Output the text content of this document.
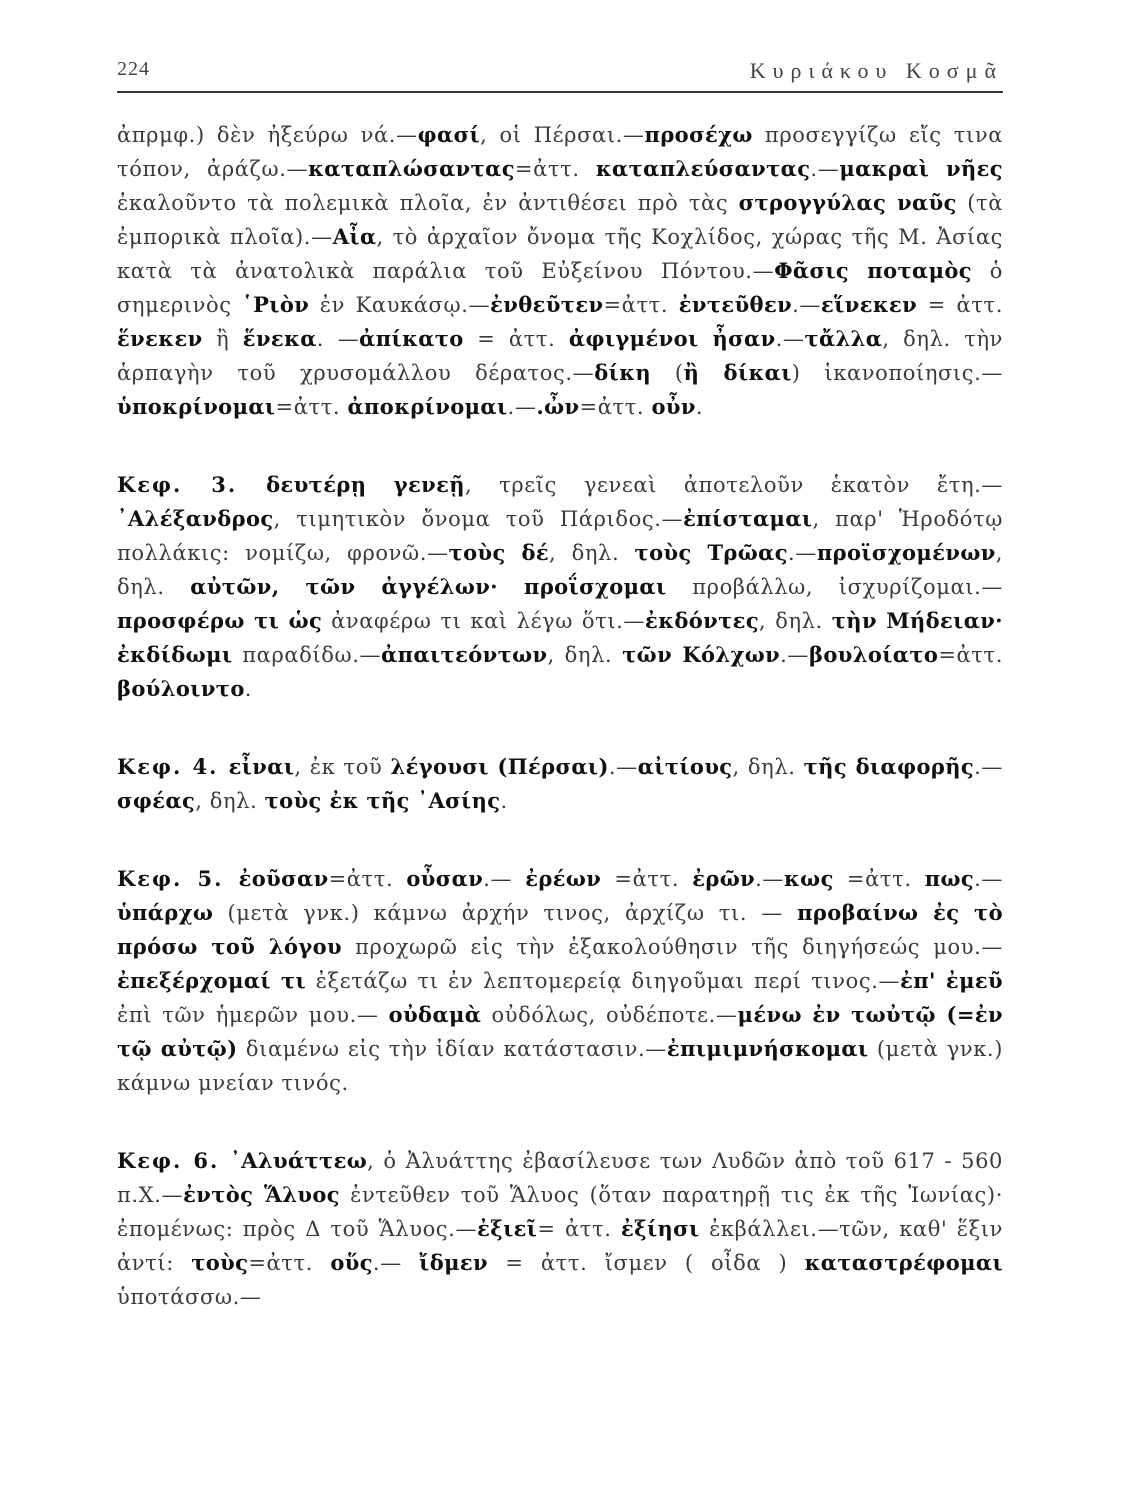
224	Κυριάκου Κοσμᾶ

ἀπρμφ.) δὲν ἠξεύρω νά.—φασί, οἱ Πέρσαι.—προσέχω προσεγγίζω εἴς τινα τόπον, ἀράζω.—καταπλώσαντας=ἀττ. καταπλεύσαντας.—μακραὶ νῆες ἐκαλοῦντο τὰ πολεμικὰ πλοῖα, ἐν ἀντιθέσει πρὸ τὰς στρογγύλας ναῦς (τὰ ἐμπορικὰ πλοῖα).—Αἶα, τὸ ἀρχαῖον ὄνομα τῆς Κοχλίδος, χώρας τῆς Μ. Ἀσίας κατὰ τὰ ἀνατολικὰ παράλια τοῦ Εὐξείνου Πόντου.—Φᾶσις ποταμὸς ὁ σημερινὸς ῾Ριὸν ἐν Καυκάσῳ.—ἐνθεῦτεν=ἀττ. ἐντεῦθεν.—εἵνεκεν = ἀττ. ἕνεκεν ἢ ἕνεκα. —ἀπίκατο = ἀττ. ἀφιγμένοι ἦσαν.—τἄλλα, δηλ. τὴν ἁρπαγὴν τοῦ χρυσομάλλου δέρατος.—δίκη (ἢ δίκαι) ἱκανοποίησις.—ὑποκρίνομαι=ἀττ. ἀποκρίνομαι.—.ὦν=ἀττ. οὖν.

Κεφ. 3. δευτέρῃ γενεῇ, τρεῖς γενεαὶ ἀποτελοῦν ἑκατὸν ἔτη.—᾿Αλέξανδρος, τιμητικὸν ὄνομα τοῦ Πάριδος.—ἐπίσταμαι, παρ' Ἡροδότῳ πολλάκις: νομίζω, φρονῶ.—τοὺς δέ, δηλ. τοὺς Τρῶας.—προϊσχομένων, δηλ. αὐτῶν, τῶν ἀγγέλων· προΐσχομαι προβάλλω, ἰσχυρίζομαι.—προσφέρω τι ὡς ἀναφέρω τι καὶ λέγω ὅτι.—ἐκδόντες, δηλ. τὴν Μήδειαν· ἐκδίδωμι παραδίδω.—ἀπαιτεόντων, δηλ. τῶν Κόλχων.—βουλοίατο=ἀττ. βούλοιντο.

Κεφ. 4. εἶναι, ἐκ τοῦ λέγουσι (Πέρσαι).—αἰτίους, δηλ. τῆς διαφορῆς.—σφέας, δηλ. τοὺς ἐκ τῆς ᾿Ασίης.

Κεφ. 5. ἐοῦσαν=ἀττ. οὖσαν.— ἐρέων =ἀττ. ἐρῶν.—κως =ἀττ. πως.—ὑπάρχω (μετὰ γνκ.) κάμνω ἀρχήν τινος, ἀρχίζω τι. — προβαίνω ἐς τὸ πρόσω τοῦ λόγου προχωρῶ εἰς τὴν ἐξακολούθησιν τῆς διηγήσεώς μου.—ἐπεξέρχομαί τι ἐξετάζω τι ἐν λεπτομερείᾳ διηγοῦμαι περί τινος.—ἐπ' ἐμεῦ ἐπὶ τῶν ἡμερῶν μου.— οὐδαμὰ οὐδόλως, οὐδέποτε.—μένω ἐν τωὐτῷ (=ἐν τῷ αὐτῷ) διαμένω εἰς τὴν ἰδίαν κατάστασιν.—ἐπιμιμνήσκομαι (μετὰ γνκ.) κάμνω μνείαν τινός.

Κεφ. 6. ᾿Αλυάττεω, ὁ Ἀλυάττης ἐβασίλευσε των Λυδῶν ἀπὸ τοῦ 617 - 560 π.Χ.—ἐντὸς Ἅλυος ἐντεῦθεν τοῦ Ἅλυος (ὅταν παρατηρῇ τις ἐκ τῆς Ἰωνίας)· ἐπομένως: πρὸς Δ τοῦ Ἅλυος.—ἐξιεῖ= ἀττ. ἐξίησι ἐκβάλλει.—τῶν, καθ' ἕξιν ἀντί: τοὺς=ἀττ. οὕς.— ἴδμεν = ἀττ. ἴσμεν ( οἶδα ) καταστρέφομαι ὑποτάσσω.—
